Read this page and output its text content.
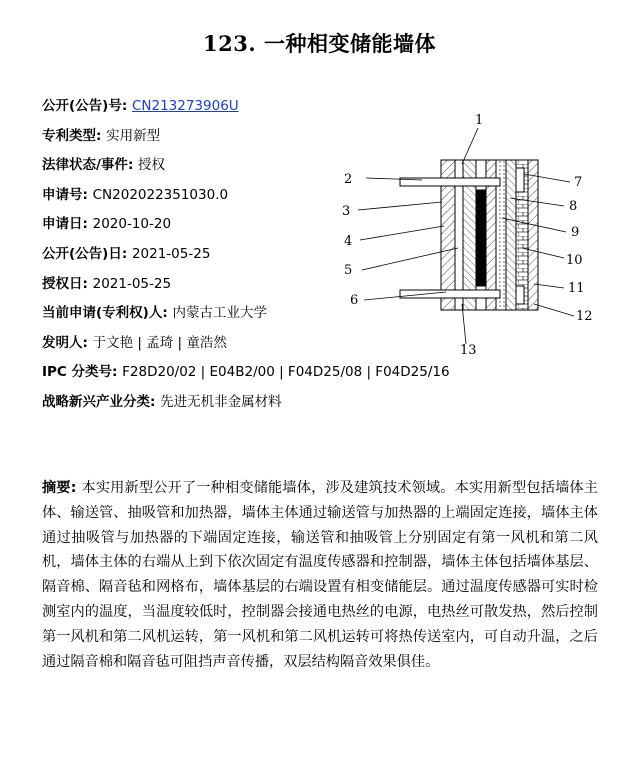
123. 一种相变储能墙体
公开(公告)号: CN213273906U
专利类型: 实用新型
法律状态/事件: 授权
申请号: CN202022351030.0
申请日: 2020-10-20
公开(公告)日: 2021-05-25
授权日: 2021-05-25
当前申请(专利权)人: 内蒙古工业大学
发明人: 于文艳 | 孟琦 | 童浩然
IPC 分类号: F28D20/02 | E04B2/00 | F04D25/08 | F04D25/16
战略新兴产业分类: 先进无机非金属材料
1
2
3
4
5
6
7
8
9
10
11
12
13
摘要: 本实用新型公开了一种相变储能墙体，涉及建筑技术领域。本实用新型包括墙体主体、输送管、抽吸管和加热器，墙体主体通过输送管与加热器的上端固定连接，墙体主体通过抽吸管与加热器的下端固定连接，输送管和抽吸管上分别固定有第一风机和第二风机，墙体主体的右端从上到下依次固定有温度传感器和控制器，墙体主体包括墙体基层、隔音棉、隔音毡和网格布，墙体基层的右端设置有相变储能层。通过温度传感器可实时检测室内的温度，当温度较低时，控制器会接通电热丝的电源，电热丝可散发热，然后控制第一风机和第二风机运转，第一风机和第二风机运转可将热传送室内，可自动升温，之后通过隔音棉和隔音毡可阻挡声音传播，双层结构隔音效果俱佳。
